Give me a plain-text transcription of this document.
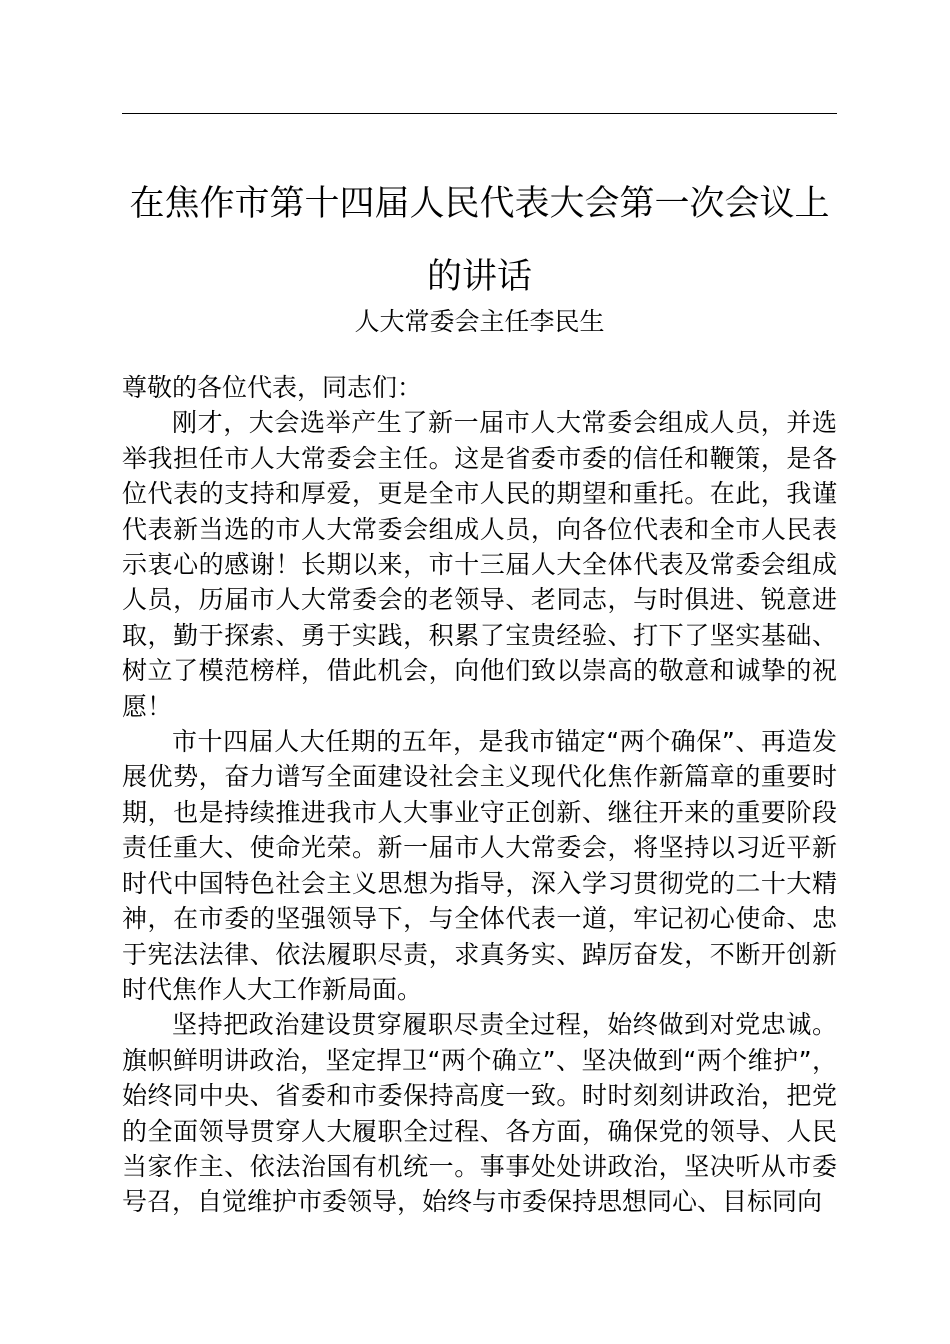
在焦作市第十四届人民代表大会第一次会议上
的讲话
人大常委会主任李民生

尊敬的各位代表，同志们：

刚才，大会选举产生了新一届市人大常委会组成人员，并选举我担任市人大常委会主任。这是省委市委的信任和鞭策，是各位代表的支持和厚爱，更是全市人民的期望和重托。在此，我谨代表新当选的市人大常委会组成人员，向各位代表和全市人民表示衷心的感谢！长期以来，市十三届人大全体代表及常委会组成人员，历届市人大常委会的老领导、老同志，与时俱进、锐意进取，勤于探索、勇于实践，积累了宝贵经验、打下了坚实基础、树立了模范榜样，借此机会，向他们致以崇高的敬意和诚挚的祝愿！

市十四届人大任期的五年，是我市锚定“两个确保”、再造发展优势，奋力谱写全面建设社会主义现代化焦作新篇章的重要时期，也是持续推进我市人大事业守正创新、继往开来的重要阶段责任重大、使命光荣。新一届市人大常委会，将坚持以习近平新时代中国特色社会主义思想为指导，深入学习贯彻党的二十大精神，在市委的坚强领导下，与全体代表一道，牢记初心使命、忠于宪法法律、依法履职尽责，求真务实、踔厉奋发，不断开创新时代焦作人大工作新局面。

坚持把政治建设贯穿履职尽责全过程，始终做到对党忠诚。旗帜鲜明讲政治，坚定捍卫“两个确立”、坚决做到“两个维护”，始终同中央、省委和市委保持高度一致。时时刻刻讲政治，把党的全面领导贯穿人大履职全过程、各方面，确保党的领导、人民当家作主、依法治国有机统一。事事处处讲政治，坚决听从市委号召，自觉维护市委领导，始终与市委保持思想同心、目标同向
